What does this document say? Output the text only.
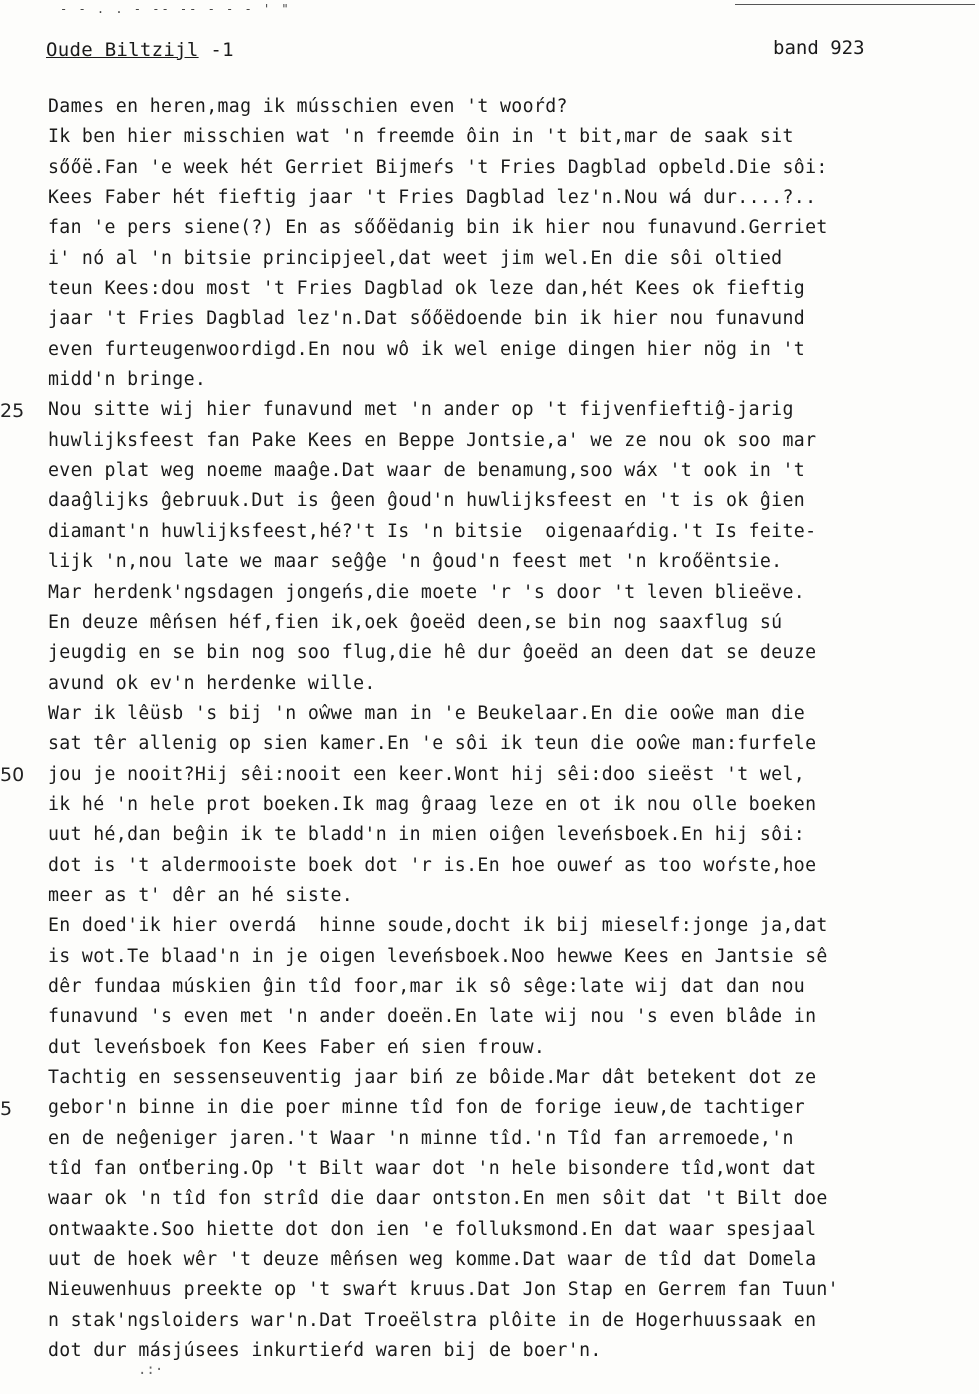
- - . . - -- -- - - - ' "
Oude Biltzijl -1	band 923
25
50
5
Dames en heren,mag ik músschien even 't wooŕd?
Ik ben hier misschien wat 'n freemde ôin in 't bit,mar de saak sit
sőőë.Fan 'e week hét Gerriet Bijmeŕs 't Fries Dagblad opbeld.Die sôi:
Kees Faber hét fieftig jaar 't Fries Dagblad lez'n.Nou wá dur....?..
fan 'e pers siene(?) En as sőőëdanig bin ik hier nou funavund.Gerriet
i' nó al 'n bitsie principjeel,dat weet jim wel.En die sôi oltied
teun Kees:dou most 't Fries Dagblad ok leze dan,hét Kees ok fieftig
jaar 't Fries Dagblad lez'n.Dat sőőëdoende bin ik hier nou funavund
even furteugenwoordigd.En nou wô ik wel enige dingen hier nög in 't
midd'n bringe.
Nou sitte wij hier funavund met 'n ander op 't fijvenfieftiĝ-jarig
huwlijksfeest fan Pake Kees en Beppe Jontsie,a' we ze nou ok soo mar
even plat weg noeme maaĝe.Dat waar de benamung,soo wáx 't ook in 't
daaĝlijks ĝebruuk.Dut is ĝeen ĝoud'n huwlijksfeest en 't is ok ĝien
diamant'n huwlijksfeest,hé?'t Is 'n bitsie  oigenaaŕdig.'t Is feite-
lijk 'n,nou late we maar seĝĝe 'n ĝoud'n feest met 'n kroőëntsie.
Mar herdenk'ngsdagen jongeńs,die moete 'r 's door 't leven blieëve.
En deuze mêńsen héf,fien ik,oek ĝoeëd deen,se bin nog saaxflug sú
jeugdig en se bin nog soo flug,die hê dur ĝoeëd an deen dat se deuze
avund ok ev'n herdenke wille.
War ik lêüsb 's bij 'n oŵwe man in 'e Beukelaar.En die ooŵe man die
sat têr allenig op sien kamer.En 'e sôi ik teun die ooŵe man:furfele
jou je nooit?Hij sêi:nooit een keer.Wont hij sêi:doo sieëst 't wel,
ik hé 'n hele prot boeken.Ik mag ĝraag leze en ot ik nou olle boeken
uut hé,dan beĝin ik te bladd'n in mien oiĝen leveńsboek.En hij sôi:
dot is 't aldermooiste boek dot 'r is.En hoe ouweŕ as too woŕste,hoe
meer as t' dêr an hé siste.
En doed'ik hier overdá  hinne soude,docht ik bij mieself:jonge ja,dat
is wot.Te blaad'n in je oigen leveńsboek.Noo hewwe Kees en Jantsie sê
dêr fundaa múskien ĝin tîd foor,mar ik sô sêge:late wij dat dan nou
funavund 's even met 'n ander doeën.En late wij nou 's even blâde in
dut leveńsboek fon Kees Faber eń sien frouw.
Tachtig en sessenseuventig jaar biń ze bôide.Mar dât betekent dot ze
gebor'n binne in die poer minne tîd fon de forige ieuw,de tachtiger
en de neĝeniger jaren.'t Waar 'n minne tîd.'n Tîd fan arremoede,'n
tîd fan onťbering.Op 't Bilt waar dot 'n hele bisondere tîd,wont dat
waar ok 'n tîd fon strîd die daar ontston.En men sôit dat 't Bilt doe
ontwaakte.Soo hiette dot don ien 'e folluksmond.En dat waar spesjaal
uut de hoek wêr 't deuze mêńsen weg komme.Dat waar de tîd dat Domela
Nieuwenhuus preekte op 't swaŕt kruus.Dat Jon Stap en Gerrem fan Tuun'
n stak'ngsloiders war'n.Dat Troeëlstra plôite in de Hogerhuussaak en
dot dur másjúsees inkurtieŕd waren bij de boer'n.
.:·
